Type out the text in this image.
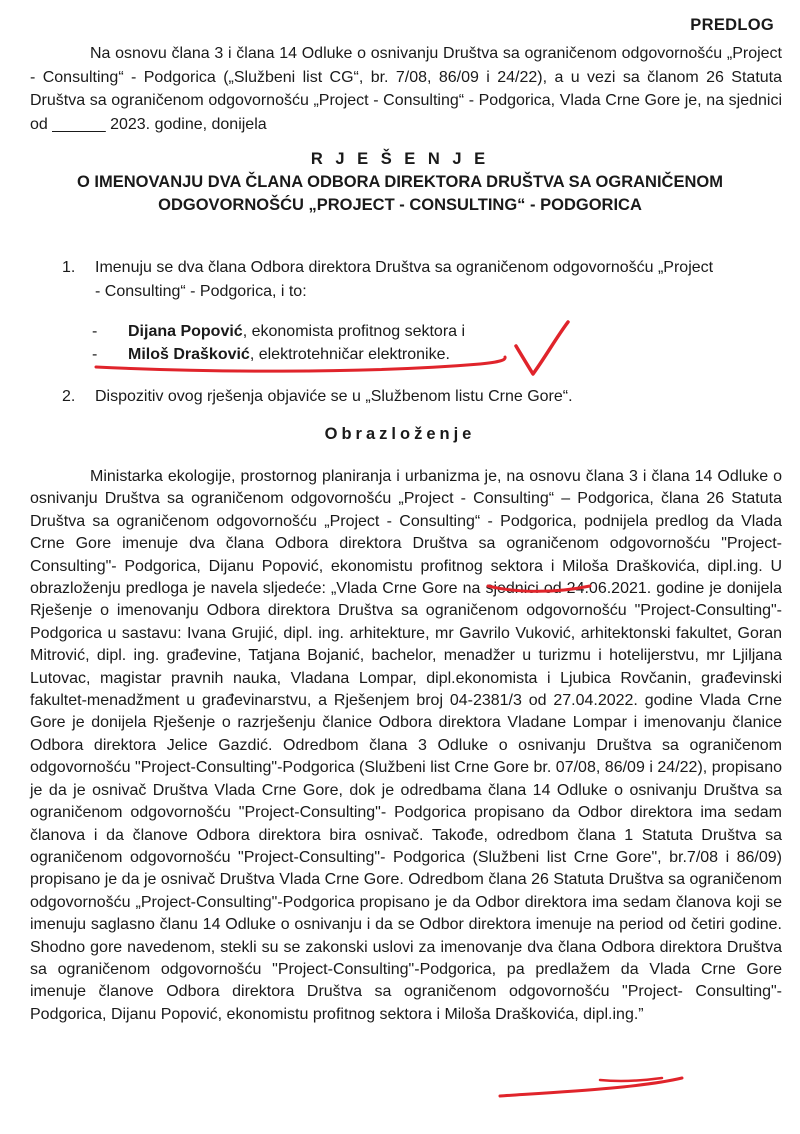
PREDLOG
Na osnovu člana 3 i člana 14 Odluke o osnivanju Društva sa ograničenom odgovornošću „Project - Consulting“ - Podgorica („Službeni list CG“, br. 7/08, 86/09 i 24/22), a u vezi sa članom 26 Statuta Društva sa ograničenom odgovornošću „Project - Consulting“ - Podgorica, Vlada Crne Gore je, na sjednici od ______ 2023. godine, donijela
R J E Š E N J E
O IMENOVANJU DVA ČLANA ODBORA DIREKTORA DRUŠTVA SA OGRANIČENOM
ODGOVORNOŠĆU „PROJECT - CONSULTING“ - PODGORICA
1. Imenuju se dva člana Odbora direktora Društva sa ograničenom odgovornošću „Project - Consulting“ - Podgorica, i to:
- Dijana Popović, ekonomista profitnog sektora i
- Miloš Drašković, elektrotehničar elektronike.
2. Dispozitiv ovog rješenja objaviće se u „Službenom listu Crne Gore“.
Obrazloženje
Ministarka ekologije, prostornog planiranja i urbanizma je, na osnovu člana 3 i člana 14 Odluke o osnivanju Društva sa ograničenom odgovornošću „Project - Consulting“ – Podgorica, člana 26 Statuta Društva sa ograničenom odgovornošću „Project - Consulting“ - Podgorica, podnijela predlog da Vlada Crne Gore imenuje dva člana Odbora direktora Društva sa ograničenom odgovornošću "Project-Consulting"- Podgorica, Dijanu Popović, ekonomistu profitnog sektora i Miloša Draškovića, dipl.ing. U obrazloženju predloga je navela sljedeće: „Vlada Crne Gore na sjednici od 24.06.2021. godine je donijela Rješenje o imenovanju Odbora direktora Društva sa ograničenom odgovornošću "Project-Consulting"- Podgorica u sastavu: Ivana Grujić, dipl. ing. arhitekture, mr Gavrilo Vuković, arhitektonski fakultet, Goran Mitrović, dipl. ing. građevine, Tatjana Bojanić, bachelor, menadžer u turizmu i hotelijerstvu, mr Ljiljana Lutovac, magistar pravnih nauka, Vladana Lompar, dipl.ekonomista i Ljubica Rovčanin, građevinski fakultet-menadžment u građevinarstvu, a Rješenjem broj 04-2381/3 od 27.04.2022. godine Vlada Crne Gore je donijela Rješenje o razrješenju članice Odbora direktora Vladane Lompar i imenovanju članice Odbora direktora Jelice Gazdić. Odredbom člana 3 Odluke o osnivanju Društva sa ograničenom odgovornošću "Project-Consulting"-Podgorica (Službeni list Crne Gore br. 07/08, 86/09 i 24/22), propisano je da je osnivač Društva Vlada Crne Gore, dok je odredbama člana 14 Odluke o osnivanju Društva sa ograničenom odgovornošću "Project-Consulting"- Podgorica propisano da Odbor direktora ima sedam članova i da članove Odbora direktora bira osnivač. Takođe, odredbom člana 1 Statuta Društva sa ograničenom odgovornošću "Project-Consulting"- Podgorica (Službeni list Crne Gore", br.7/08 i 86/09) propisano je da je osnivač Društva Vlada Crne Gore. Odredbom člana 26 Statuta Društva sa ograničenom odgovornošću „Project-Consulting"-Podgorica propisano je da Odbor direktora ima sedam članova koji se imenuju saglasno članu 14 Odluke o osnivanju i da se Odbor direktora imenuje na period od četiri godine. Shodno gore navedenom, stekli su se zakonski uslovi za imenovanje dva člana Odbora direktora Društva sa ograničenom odgovornošću "Project-Consulting"-Podgorica, pa predlažem da Vlada Crne Gore imenuje članove Odbora direktora Društva sa ograničenom odgovornošću "Project- Consulting"- Podgorica, Dijanu Popović, ekonomistu profitnog sektora i Miloša Draškovića, dipl.ing.”
